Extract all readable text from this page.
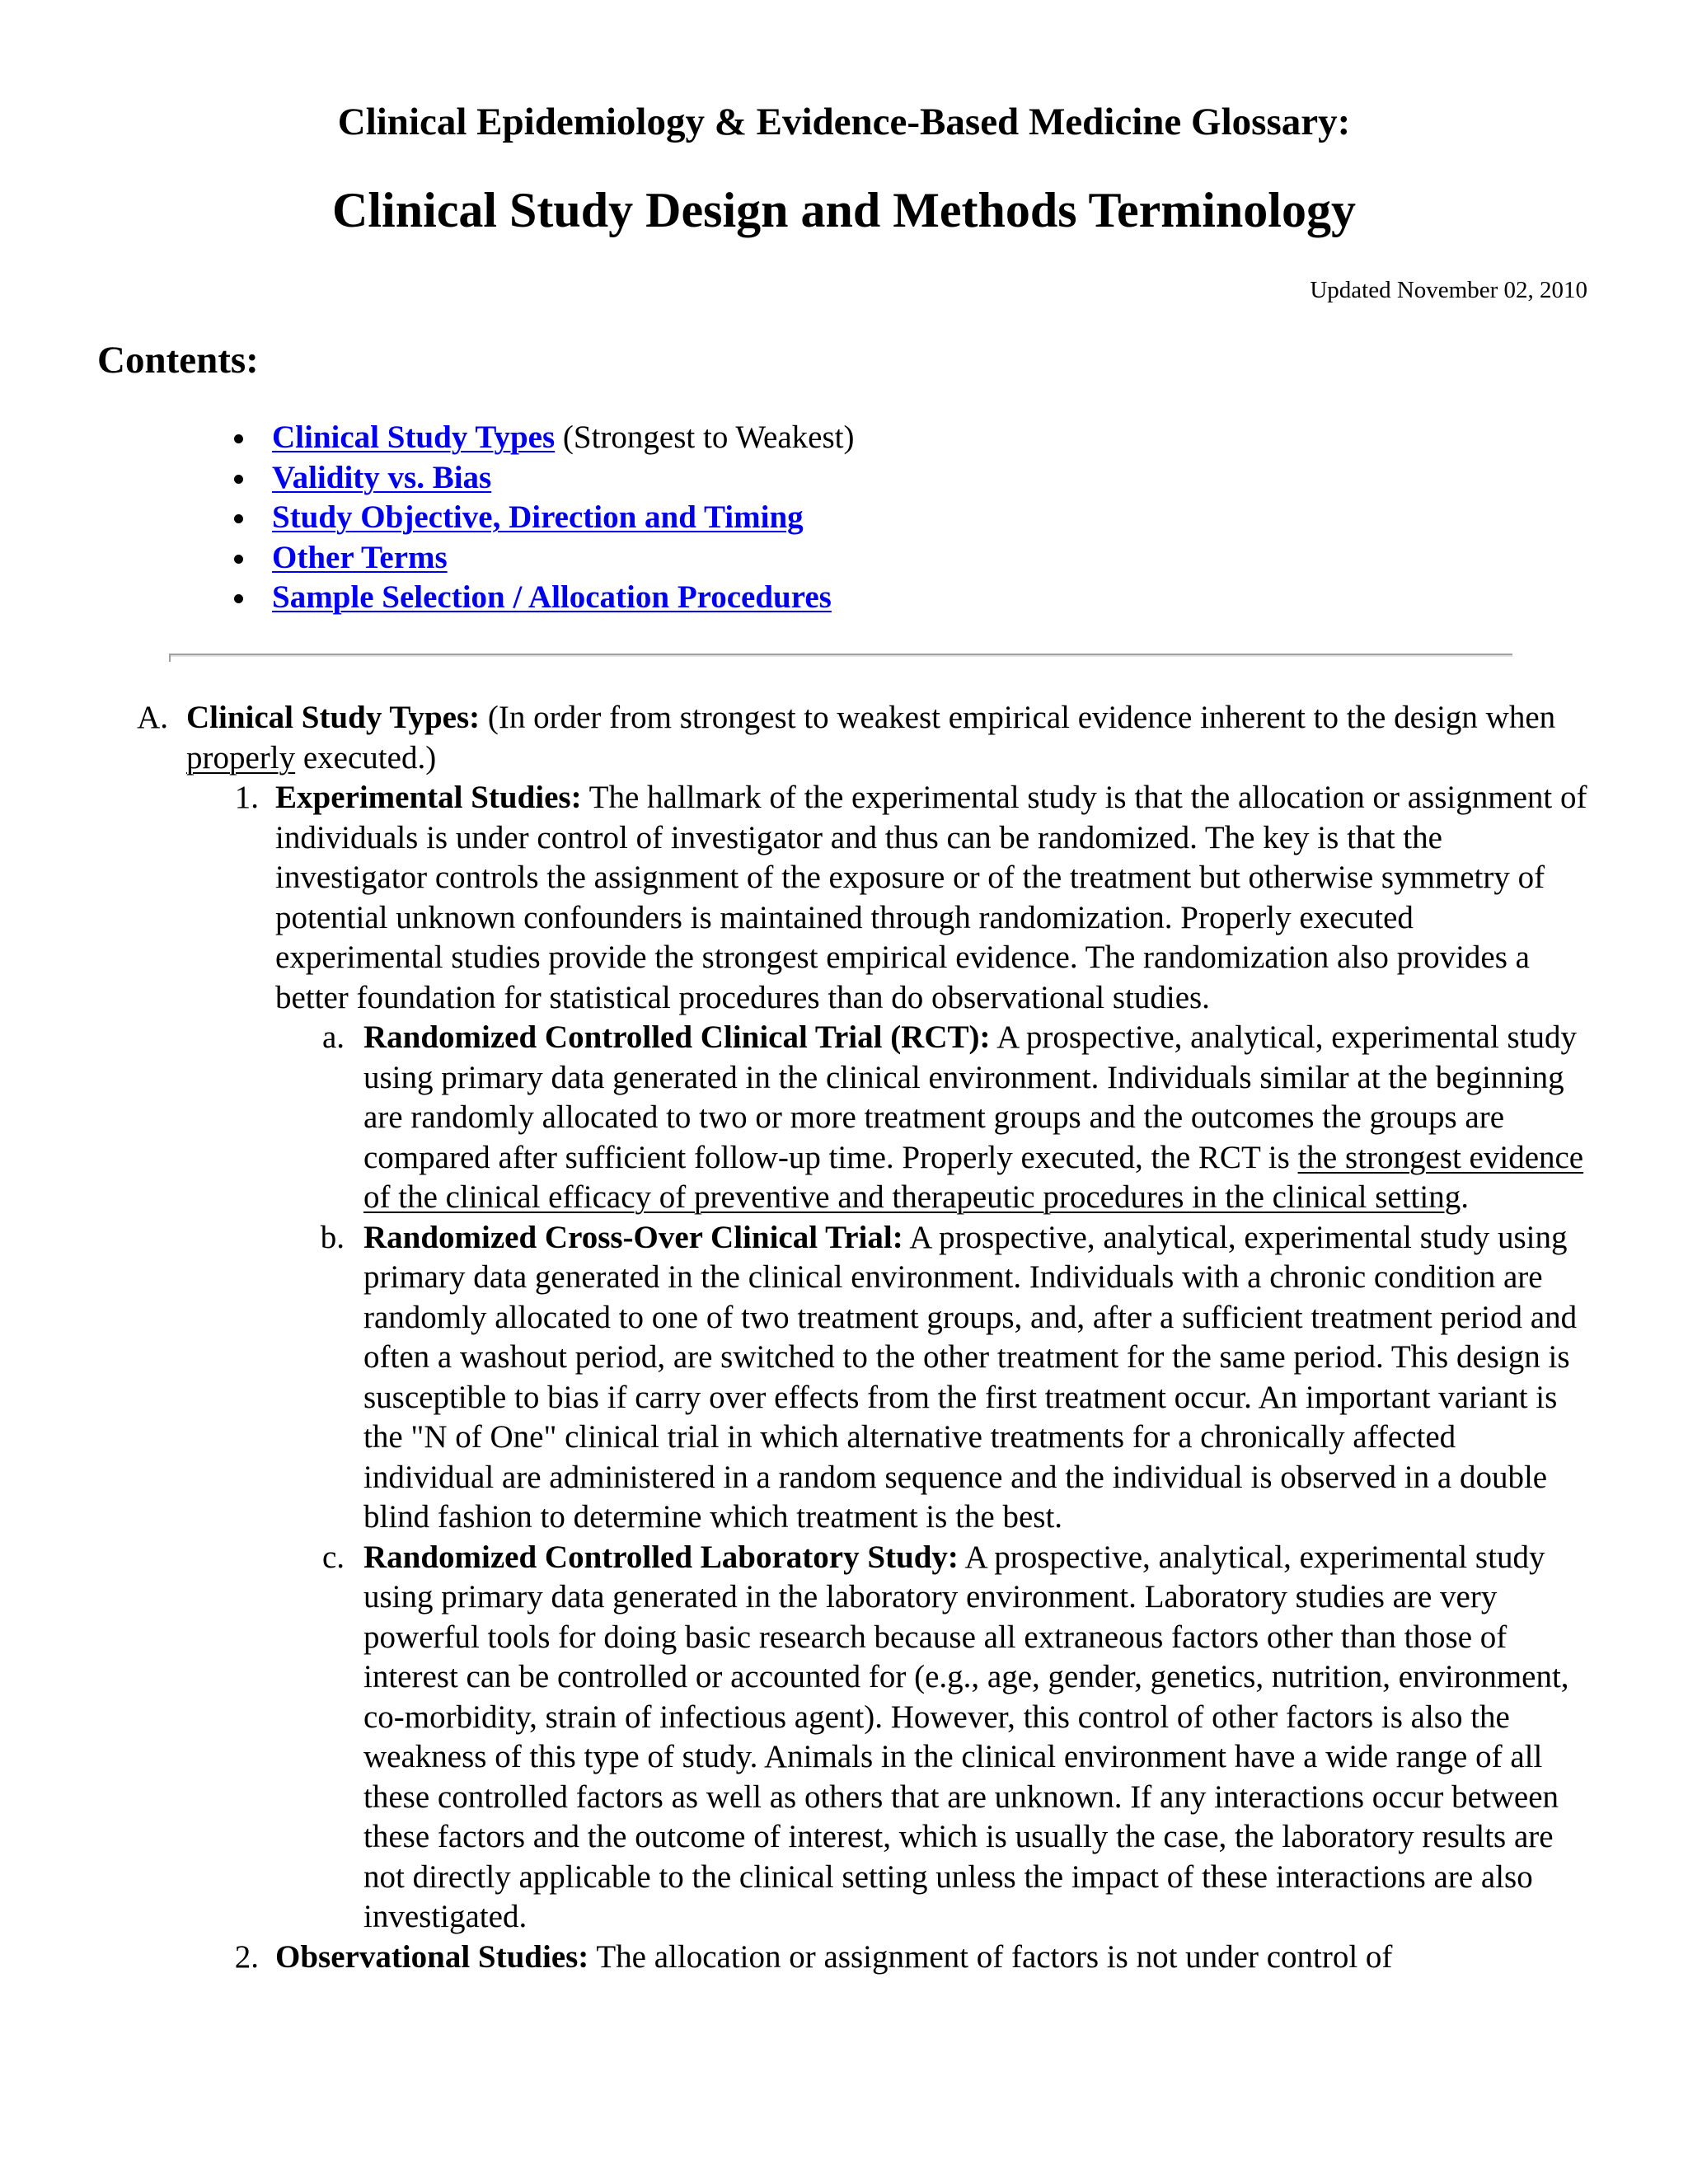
Clinical Epidemiology & Evidence-Based Medicine Glossary:
Clinical Study Design and Methods Terminology
Updated November 02, 2010
Contents:
Clinical Study Types (Strongest to Weakest)
Validity vs. Bias
Study Objective, Direction and Timing
Other Terms
Sample Selection / Allocation Procedures
A. Clinical Study Types: (In order from strongest to weakest empirical evidence inherent to the design when properly executed.)
1. Experimental Studies: The hallmark of the experimental study is that the allocation or assignment of individuals is under control of investigator and thus can be randomized. The key is that the investigator controls the assignment of the exposure or of the treatment but otherwise symmetry of potential unknown confounders is maintained through randomization. Properly executed experimental studies provide the strongest empirical evidence. The randomization also provides a better foundation for statistical procedures than do observational studies.
a. Randomized Controlled Clinical Trial (RCT): A prospective, analytical, experimental study using primary data generated in the clinical environment. Individuals similar at the beginning are randomly allocated to two or more treatment groups and the outcomes the groups are compared after sufficient follow-up time. Properly executed, the RCT is the strongest evidence of the clinical efficacy of preventive and therapeutic procedures in the clinical setting.
b. Randomized Cross-Over Clinical Trial: A prospective, analytical, experimental study using primary data generated in the clinical environment. Individuals with a chronic condition are randomly allocated to one of two treatment groups, and, after a sufficient treatment period and often a washout period, are switched to the other treatment for the same period. This design is susceptible to bias if carry over effects from the first treatment occur. An important variant is the "N of One" clinical trial in which alternative treatments for a chronically affected individual are administered in a random sequence and the individual is observed in a double blind fashion to determine which treatment is the best.
c. Randomized Controlled Laboratory Study: A prospective, analytical, experimental study using primary data generated in the laboratory environment. Laboratory studies are very powerful tools for doing basic research because all extraneous factors other than those of interest can be controlled or accounted for (e.g., age, gender, genetics, nutrition, environment, co-morbidity, strain of infectious agent). However, this control of other factors is also the weakness of this type of study. Animals in the clinical environment have a wide range of all these controlled factors as well as others that are unknown. If any interactions occur between these factors and the outcome of interest, which is usually the case, the laboratory results are not directly applicable to the clinical setting unless the impact of these interactions are also investigated.
2. Observational Studies: The allocation or assignment of factors is not under control of
